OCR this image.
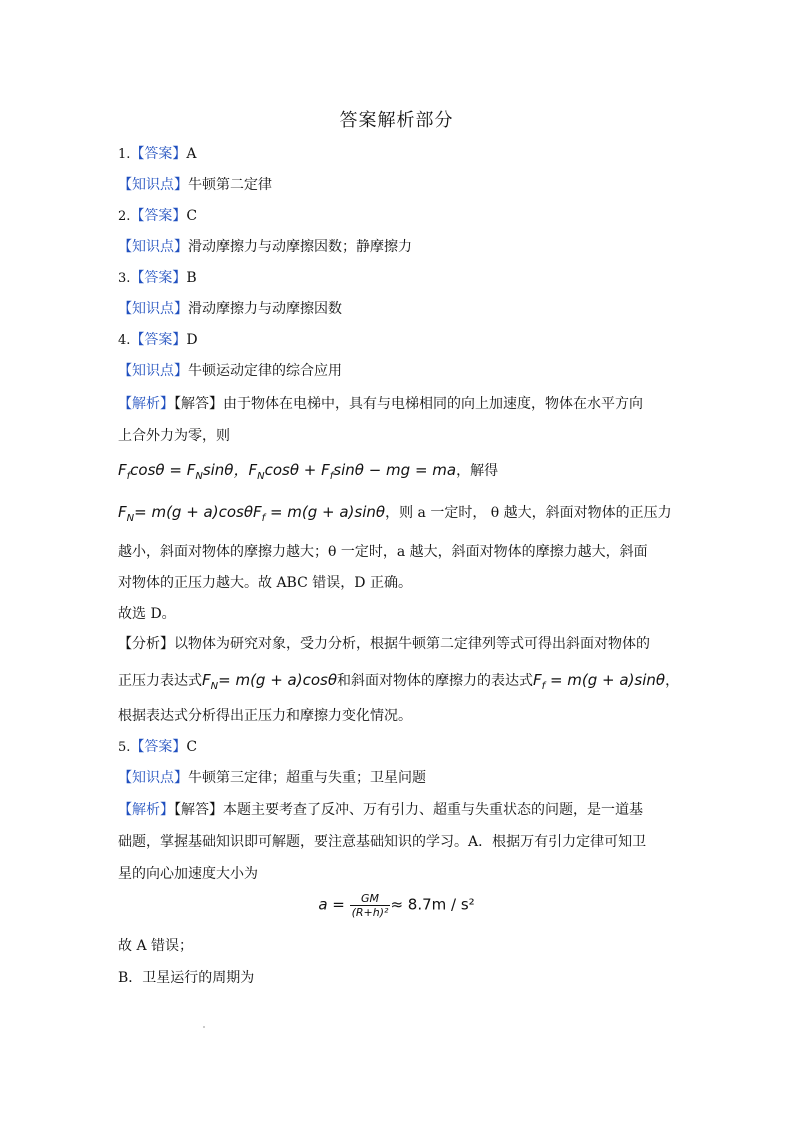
答案解析部分
1.【答案】A
【知识点】牛顿第二定律
2.【答案】C
【知识点】滑动摩擦力与动摩擦因数；静摩擦力
3.【答案】B
【知识点】滑动摩擦力与动摩擦因数
4.【答案】D
【知识点】牛顿运动定律的综合应用
【解析】【解答】由于物体在电梯中，具有与电梯相同的向上加速度，物体在水平方向
上合外力为零，则
$F_f\cos\theta = F_N\sin\theta$，$F_N\cos\theta + F_f\sin\theta$ − mg = ma，解得
$F_N= m(g + a)\cos\theta F_f = m(g + a)\sin\theta$，则 a 一定时， θ 越大，斜面对物体的正压力
越小，斜面对物体的摩擦力越大；θ 一定时，a 越大，斜面对物体的摩擦力越大，斜面
对物体的正压力越大。故 ABC 错误，D 正确。
故选 D。
【分析】以物体为研究对象，受力分析，根据牛顿第二定律列等式可得出斜面对物体的
正压力表达式$F_N= m(g + a)\cos\theta$和斜面对物体的摩擦力的表达式$F_f = m(g + a)\sin\theta$，
根据表达式分析得出正压力和摩擦力变化情况。
5.【答案】C
【知识点】牛顿第三定律；超重与失重；卫星问题
【解析】【解答】本题主要考查了反冲、万有引力、超重与失重状态的问题，是一道基
础题，掌握基础知识即可解题，要注意基础知识的学习。A．根据万有引力定律可知卫
星的向心加速度大小为
$a = \frac{GM}{\text{(R+h)²}} \approx 8.7m / s^2$
故 A 错误；
B．卫星运行的周期为
